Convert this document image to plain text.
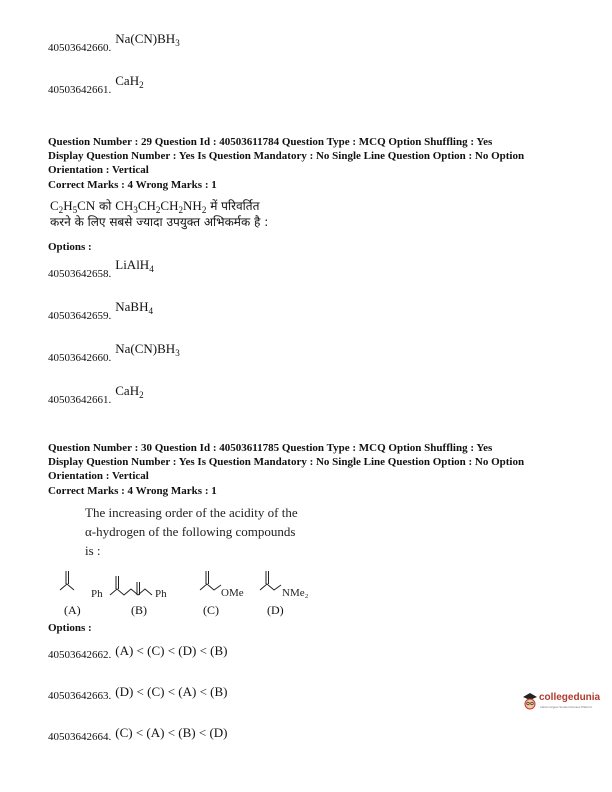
40503642660. $^{Na(CN)BH_3}$
40503642661. $^{CaH_2}$
Question Number : 29 Question Id : 40503611784 Question Type : MCQ Option Shuffling : Yes
Display Question Number : Yes Is Question Mandatory : No Single Line Question Option : No Option
Orientation : Vertical
Correct Marks : 4 Wrong Marks : 1
$C_2H_5CN$ को $CH_3CH_2CH_2NH_2$ में परिवर्तित
करने के लिए सबसे ज्यादा उपयुक्त अभिकर्मक है :
Options :
40503642658. $^{LiAlH_4}$
40503642659. $^{NaBH_4}$
40503642660. $^{Na(CN)BH_3}$
40503642661. $^{CaH_2}$
Question Number : 30 Question Id : 40503611785 Question Type : MCQ Option Shuffling : Yes
Display Question Number : Yes Is Question Mandatory : No Single Line Question Option : No Option
Orientation : Vertical
Correct Marks : 4 Wrong Marks : 1
The increasing order of the acidity of the
α-hydrogen of the following compounds
is :
Ph	Ph	OMe	NMe₂
(A)	(B)	(C)	(D)
Options :
40503642662. (A) < (C) < (D) < (B)
40503642663. (D) < (C) < (A) < (B)
40503642664. (C) < (A) < (B) < (D)
collegedunia
India's largest Student Review Platform
